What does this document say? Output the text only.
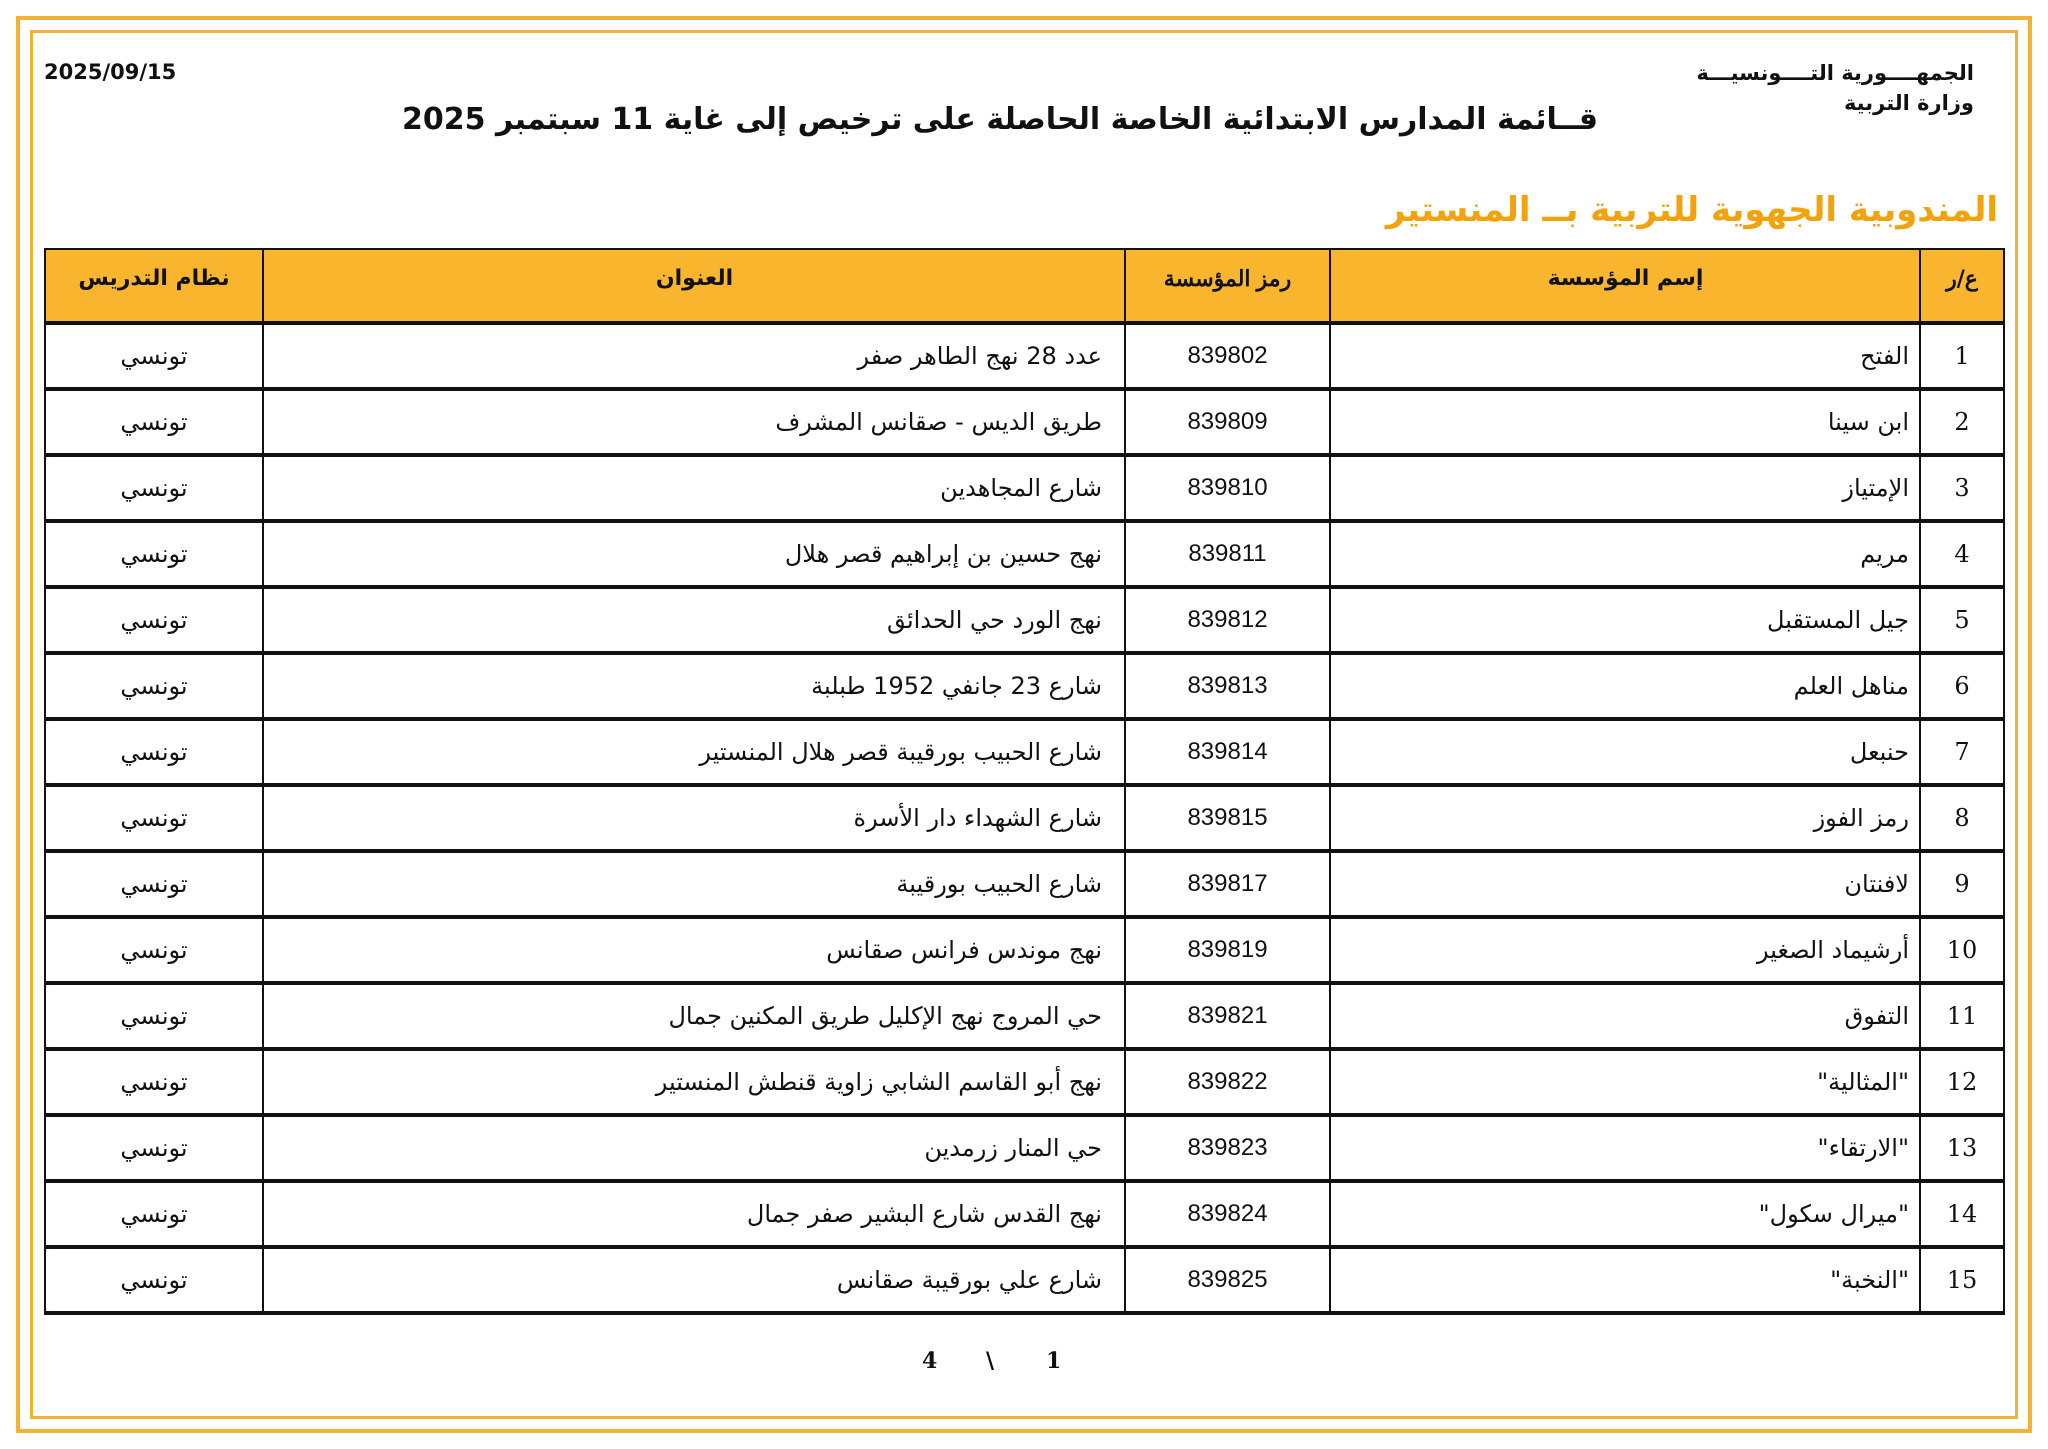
2025/09/15	الجمهــــورية التــــونسيـــة
وزارة التربية
قــائمة المدارس الابتدائية الخاصة الحاصلة على ترخيص إلى غاية 11 سبتمبر 2025
المندوبية الجهوية للتربية بــ المنستير
ع/ر	إسم المؤسسة	رمز المؤسسة	العنوان	نظام التدريس
1	الفتح	839802	عدد 28 نهج الطاهر صفر	تونسي
2	ابن سينا	839809	طريق الديس - صقانس المشرف	تونسي
3	الإمتياز	839810	شارع المجاهدين	تونسي
4	مريم	839811	نهج حسين بن إبراهيم قصر هلال	تونسي
5	جيل المستقبل	839812	نهج الورد حي الحدائق	تونسي
6	مناهل العلم	839813	شارع 23 جانفي 1952 طبلبة	تونسي
7	حنبعل	839814	شارع الحبيب بورقيبة قصر هلال المنستير	تونسي
8	رمز الفوز	839815	شارع الشهداء دار الأسرة	تونسي
9	لافنتان	839817	شارع الحبيب بورقيبة	تونسي
10	أرشيماد الصغير	839819	نهج موندس فرانس صقانس	تونسي
11	التفوق	839821	حي المروج نهج الإكليل طريق المكنين جمال	تونسي
12	"المثالية"	839822	نهج أبو القاسم الشابي زاوية قنطش المنستير	تونسي
13	"الارتقاء"	839823	حي المنار زرمدين	تونسي
14	"ميرال سكول"	839824	نهج القدس شارع البشير صفر جمال	تونسي
15	"النخبة"	839825	شارع علي بورقيبة صقانس	تونسي
1
\
4
